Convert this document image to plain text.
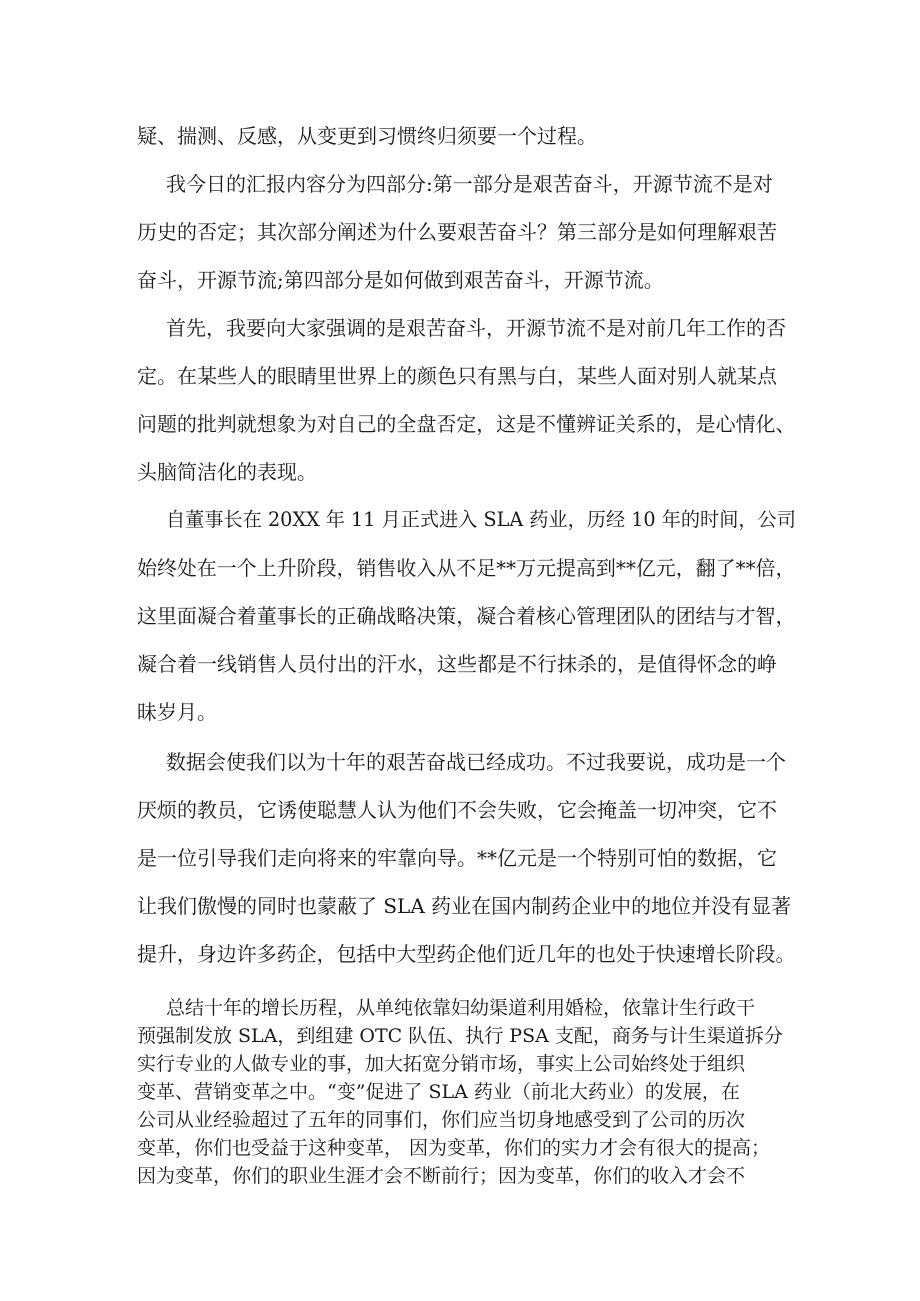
疑、揣测、反感，从变更到习惯终归须要一个过程。
我今日的汇报内容分为四部分:第一部分是艰苦奋斗，开源节流不是对
历史的否定；其次部分阐述为什么要艰苦奋斗？第三部分是如何理解艰苦
奋斗，开源节流;第四部分是如何做到艰苦奋斗，开源节流。
首先，我要向大家强调的是艰苦奋斗，开源节流不是对前几年工作的否
定。在某些人的眼睛里世界上的颜色只有黑与白，某些人面对别人就某点
问题的批判就想象为对自己的全盘否定，这是不懂辨证关系的，是心情化、
头脑简洁化的表现。
自董事长在 20XX 年 11 月正式进入 SLA 药业，历经 10 年的时间，公司
始终处在一个上升阶段，销售收入从不足**万元提高到**亿元，翻了**倍，
这里面凝合着董事长的正确战略决策，凝合着核心管理团队的团结与才智，
凝合着一线销售人员付出的汗水，这些都是不行抹杀的，是值得怀念的峥
昧岁月。
数据会使我们以为十年的艰苦奋战已经成功。不过我要说，成功是一个
厌烦的教员，它诱使聪慧人认为他们不会失败，它会掩盖一切冲突，它不
是一位引导我们走向将来的牢靠向导。**亿元是一个特别可怕的数据，它
让我们傲慢的同时也蒙蔽了 SLA 药业在国内制药企业中的地位并没有显著
提升，身边许多药企，包括中大型药企他们近几年的也处于快速增长阶段。
总结十年的增长历程，从单纯依靠妇幼渠道利用婚检，依靠计生行政干
预强制发放 SLA，到组建 OTC 队伍、执行 PSA 支配，商务与计生渠道拆分
实行专业的人做专业的事，加大拓宽分销市场，事实上公司始终处于组织
变革、营销变革之中。“变”促进了 SLA 药业（前北大药业）的发展，在
公司从业经验超过了五年的同事们，你们应当切身地感受到了公司的历次
变革，你们也受益于这种变革， 因为变革，你们的实力才会有很大的提高；
因为变革，你们的职业生涯才会不断前行；因为变革，你们的收入才会不
